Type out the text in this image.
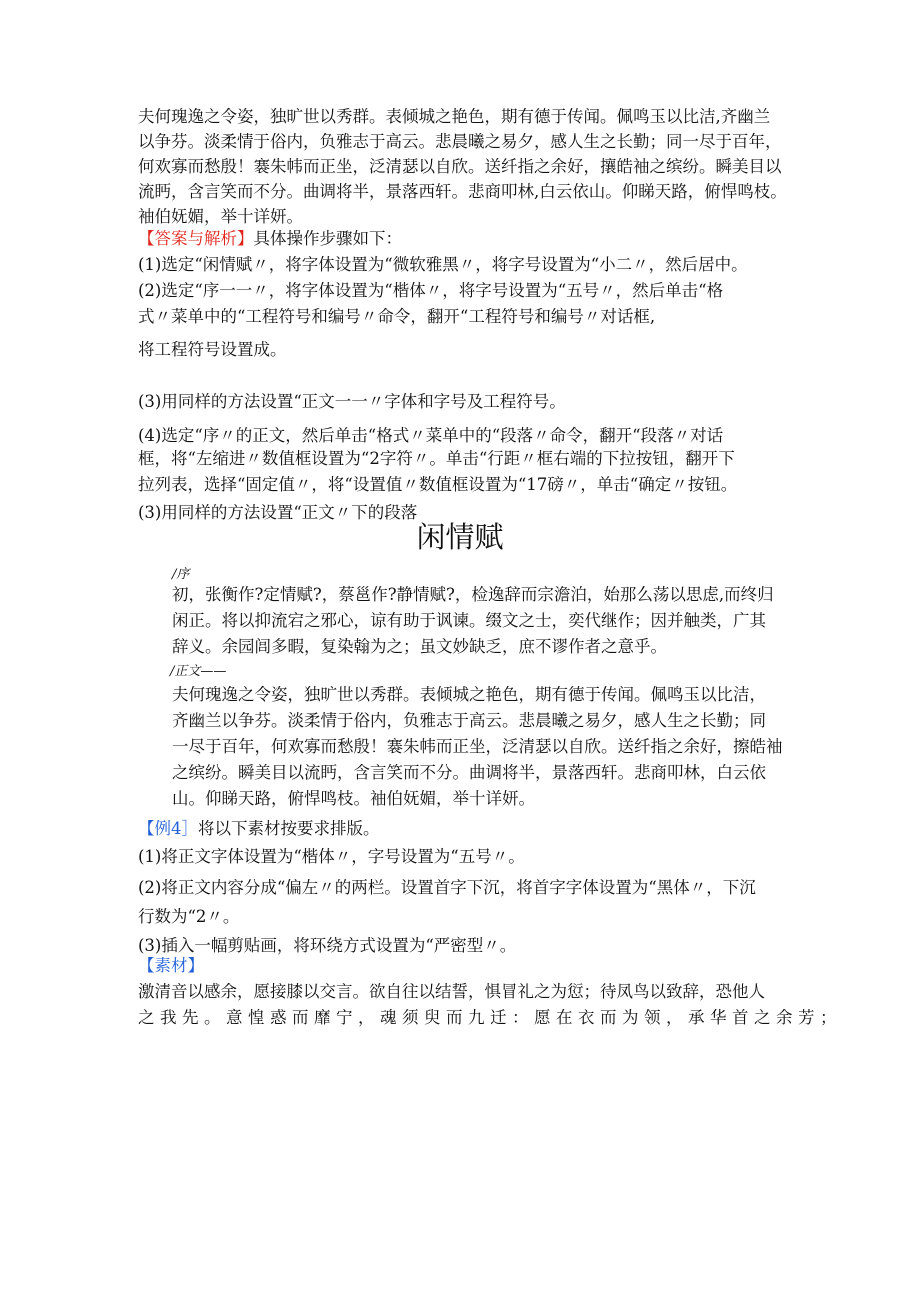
夫何瑰逸之令姿，独旷世以秀群。表倾城之艳色，期有德于传闻。佩鸣玉以比洁,齐幽兰
以争芬。淡柔情于俗内，负雅志于高云。悲晨曦之易夕，感人生之长勤；同一尽于百年，
何欢寡而愁殷！褰朱帏而正坐，泛清瑟以自欣。送纤指之余好，攘皓袖之缤纷。瞬美目以
流眄，含言笑而不分。曲调将半，景落西轩。悲商叩林,白云依山。仰睇天路，俯悍鸣枝。
袖伯妩媚，举十详妍。
【答案与解析】具体操作步骤如下：
(1)选定“闲情赋〃，将字体设置为“微软雅黑〃，将字号设置为“小二〃，然后居中。
(2)选定“序一一〃，将字体设置为“楷体〃，将字号设置为“五号〃，然后单击“格
式〃菜单中的“工程符号和编号〃命令，翻开“工程符号和编号〃对话框,
将工程符号设置成。
(3)用同样的方法设置“正文一一〃字体和字号及工程符号。
(4)选定“序〃的正文，然后单击“格式〃菜单中的“段落〃命令，翻开“段落〃对话
框，将“左缩进〃数值框设置为“2字符〃。单击“行距〃框右端的下拉按钮，翻开下
拉列表，选择“固定值〃，将“设置值〃数值框设置为“17磅〃，单击“确定〃按钮。
(3)用同样的方法设置“正文〃下的段落
闲情赋
/序
初，张衡作?定情赋?，蔡邕作?静情赋?，检逸辞而宗澹泊，始那么荡以思虑,而终归
闲正。将以抑流宕之邪心，谅有助于讽谏。缀文之士，奕代继作；因并触类，广其
辞义。余园闾多暇，复染翰为之；虽文妙缺乏，庶不谬作者之意乎。
/正文——
夫何瑰逸之令姿，独旷世以秀群。表倾城之艳色，期有德于传闻。佩鸣玉以比洁，
齐幽兰以争芬。淡柔情于俗内，负雅志于高云。悲晨曦之易夕，感人生之长勤；同
一尽于百年，何欢寡而愁殷！褰朱帏而正坐，泛清瑟以自欣。送纤指之余好，擦皓袖
之缤纷。瞬美目以流眄，含言笑而不分。曲调将半，景落西轩。悲商叩林，白云依
山。仰睇天路，俯悍鸣枝。袖伯妩媚，举十详妍。
【例4］将以下素材按要求排版。
(1)将正文字体设置为“楷体〃，字号设置为“五号〃。
(2)将正文内容分成“偏左〃的两栏。设置首字下沉，将首字字体设置为“黑体〃，下沉
行数为“2〃。
(3)插入一幅剪贴画，将环绕方式设置为“严密型〃。
【素材】
激清音以感余，愿接膝以交言。欲自往以结誓，惧冒礼之为愆；待凤鸟以致辞，恐他人
之我先。意惶惑而靡宁，魂须臾而九迁：愿在衣而为领，承华首之余芳；
